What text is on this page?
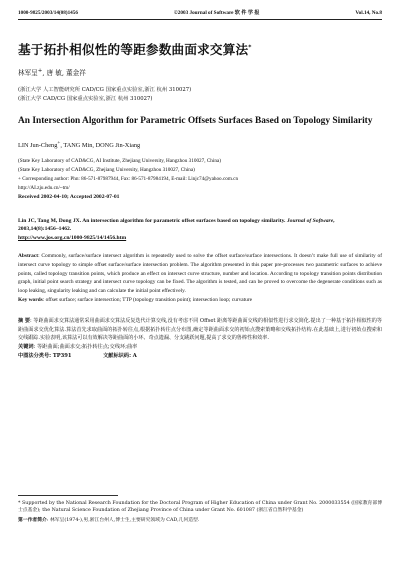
1000-9825/2003/14(08)1456	©2003 Journal of Software 软 件 学 报	Vol.14, No.8
基于拓扑相似性的等距参数曲面求交算法*
林军呈+, 唐 敏, 董金祥
(浙江大学 人工智能研究所 CAD/CG 国家重点实验室,浙江 杭州 310027)
(浙江大学 CAD/CG 国家重点实验室,浙江 杭州 310027)
An Intersection Algorithm for Parametric Offsets Surfaces Based on Topology Similarity
LIN Jun-Cheng+, TANG Min, DONG Jin-Xiang
(State Key Laboratory of CAD&CG, AI Institute, Zhejiang University, Hangzhou 310027, China)
(State Key Laboratory of CAD&CG, Zhejiang University, Hangzhou 310027, China)
+ Corresponding author: Phn: 86-571-87987944, Fax: 86-571-87984194, E-mail: Linjc74@yahoo.com.cn
http://AI.zju.edu.cn/~tm/
Received 2002-04-10; Accepted 2002-07-01
Lin JC, Tang M, Dong JX. An intersection algorithm for parametric offset surfaces based on topology similarity. Journal of Software, 2003,14(8):1456~1462.
http://www.jos.org.cn/1000-9825/14/1456.htm
Abstract: Commonly, surface/surface intersect algorithm is repeatedly used to solve the offset surface/surface intersections. It doesn’t make full use of similarity of intersect curve topology to simple offset surface/surface intersection problem. The algorithm presented in this paper pre-processes two parametric surfaces to achieve points, called topology transition points, which produce an effect on intersect curve structure, number and location. According to topology transition points distribution graph, initial point search strategy and intersect curve topology can be fixed. The algorithm is tested, and can be proved to overcome the degenerate conditions such as loop leaking, singularity leaking and can calculate the initial point effectively.
Key words: offset surface; surface intersection; TTP (topology transition point); intersection loop; curvature
摘 要: 等距曲面求交算法通常采用曲面求交算法反复迭代计算交线,没有考虑不同 Offset 距离等距曲面交线的相似性进行求交简化.提出了一种基于拓扑相似性的等距曲面求交优化算法.算法首先求取曲面的拓扑转往点,根据拓扑转往点分布图,确定等距曲面求交的初始点搜索策略和交线拓扑结构.在此基础上,进行初始点搜索和交线跟踪.实验表明,该算法可以有效解决等距曲面的小环、奇点遗漏、分支跳跃问题,提高了求交的鲁棒性和效率.
关键词: 等距曲面;曲面求交;拓扑转往点;交线环;曲率
中图法分类号: TP391	文献标识码: A
* Supported by the National Research Foundation for the Doctoral Program of Higher Education of China under Grant No. 2000033554 (国家教育部博士点基金); the Natural Science Foundation of Zhejiang Province of China under Grant No. 601087 (浙江省自然科学基金)
第一作者简介: 林军呈(1974-),男,浙江台州人,博士生,主要研究领域为 CAD,几何造型.
